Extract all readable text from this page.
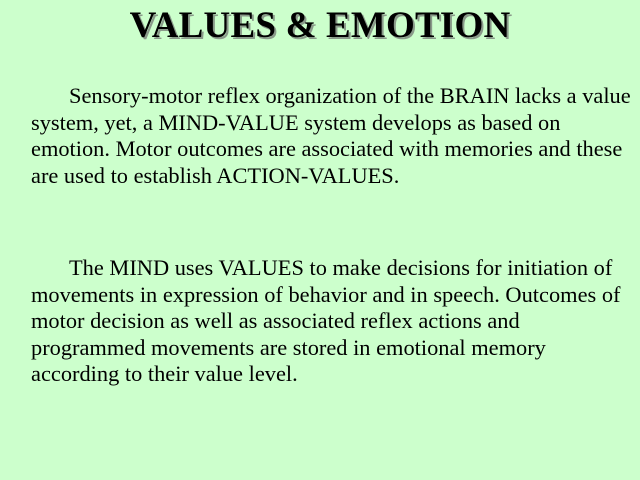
VALUES & EMOTION

Sensory-motor reflex organization of the BRAIN lacks a value system, yet, a MIND-VALUE system develops as based on emotion. Motor outcomes are associated with memories and these are used to establish ACTION-VALUES.

The MIND uses VALUES to make decisions for initiation of movements in expression of behavior and in speech. Outcomes of motor decision as well as associated reflex actions and programmed movements are stored in emotional memory according to their value level.
